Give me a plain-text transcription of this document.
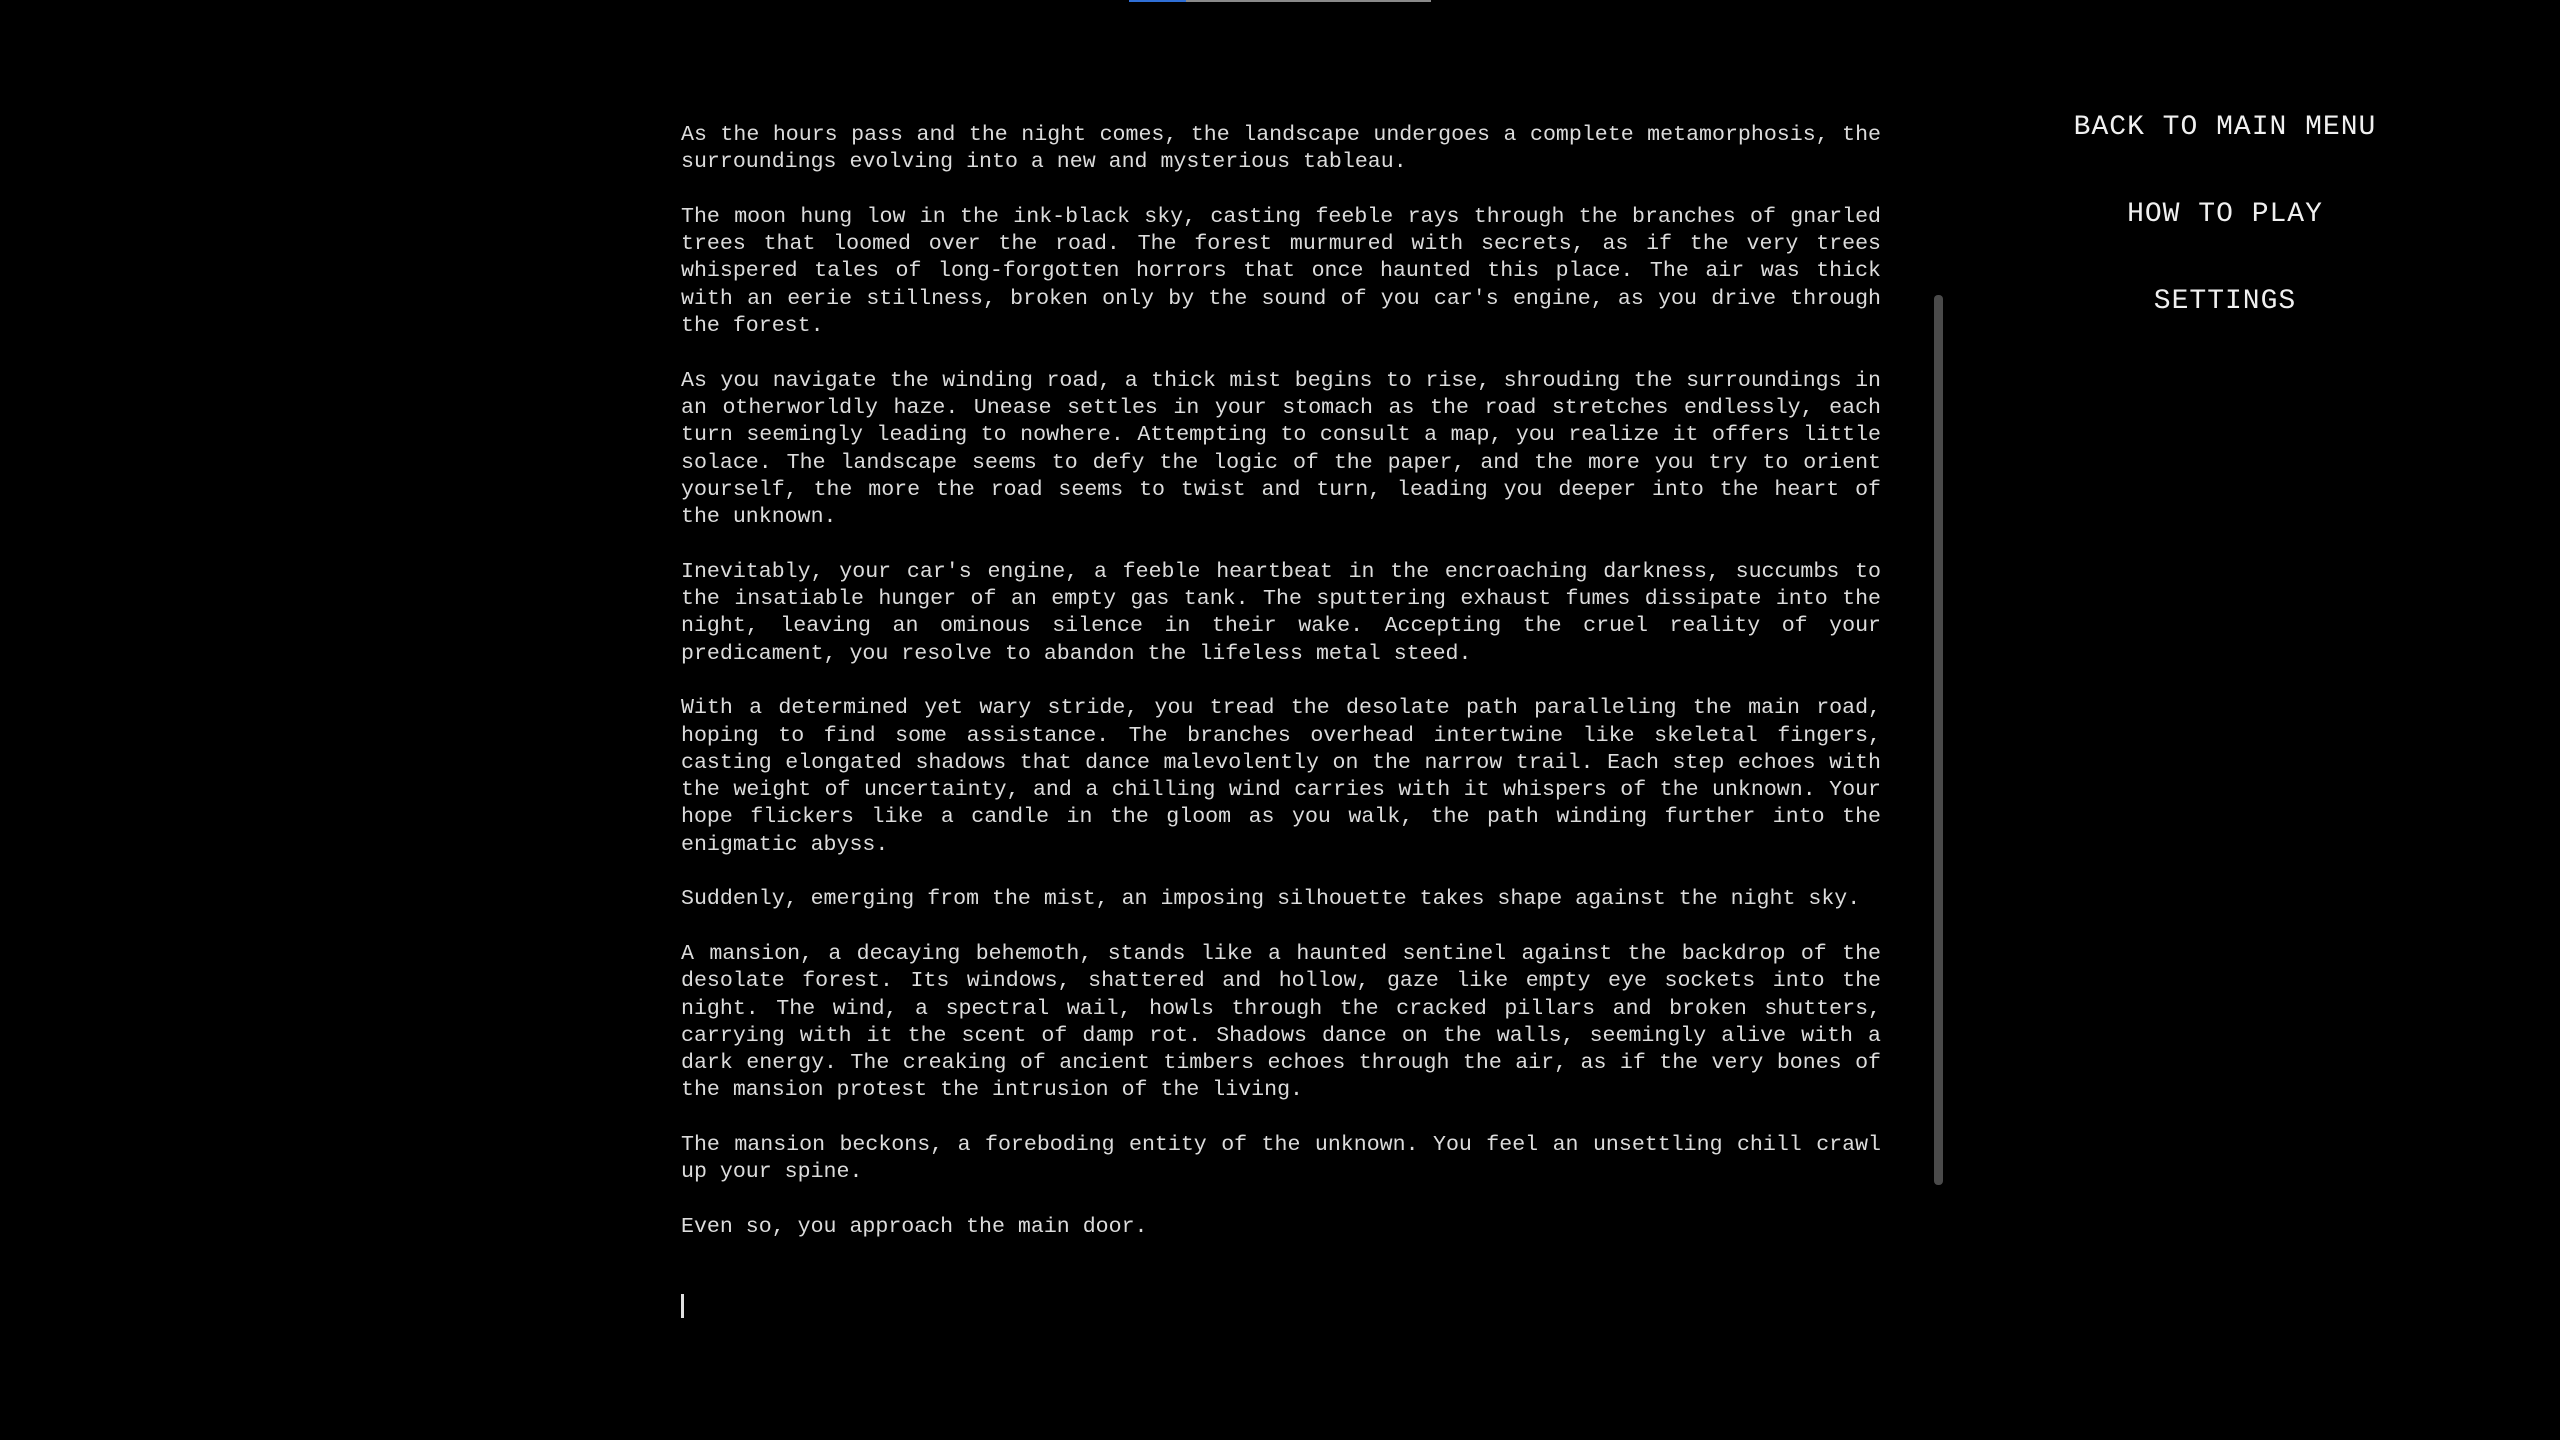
As the hours pass and the night comes, the landscape undergoes a complete metamorphosis, the surroundings evolving into a new and mysterious tableau.

The moon hung low in the ink-black sky, casting feeble rays through the branches of gnarled trees that loomed over the road. The forest murmured with secrets, as if the very trees whispered tales of long-forgotten horrors that once haunted this place. The air was thick with an eerie stillness, broken only by the sound of you car's engine, as you drive through the forest.

As you navigate the winding road, a thick mist begins to rise, shrouding the surroundings in an otherworldly haze. Unease settles in your stomach as the road stretches endlessly, each turn seemingly leading to nowhere. Attempting to consult a map, you realize it offers little solace. The landscape seems to defy the logic of the paper, and the more you try to orient yourself, the more the road seems to twist and turn, leading you deeper into the heart of the unknown.

Inevitably, your car's engine, a feeble heartbeat in the encroaching darkness, succumbs to the insatiable hunger of an empty gas tank. The sputtering exhaust fumes dissipate into the night, leaving an ominous silence in their wake. Accepting the cruel reality of your predicament, you resolve to abandon the lifeless metal steed.

With a determined yet wary stride, you tread the desolate path paralleling the main road, hoping to find some assistance. The branches overhead intertwine like skeletal fingers, casting elongated shadows that dance malevolently on the narrow trail. Each step echoes with the weight of uncertainty, and a chilling wind carries with it whispers of the unknown. Your hope flickers like a candle in the gloom as you walk, the path winding further into the enigmatic abyss.

Suddenly, emerging from the mist, an imposing silhouette takes shape against the night sky.

A mansion, a decaying behemoth, stands like a haunted sentinel against the backdrop of the desolate forest. Its windows, shattered and hollow, gaze like empty eye sockets into the night. The wind, a spectral wail, howls through the cracked pillars and broken shutters, carrying with it the scent of damp rot. Shadows dance on the walls, seemingly alive with a dark energy. The creaking of ancient timbers echoes through the air, as if the very bones of the mansion protest the intrusion of the living.

The mansion beckons, a foreboding entity of the unknown. You feel an unsettling chill crawl up your spine.

Even so, you approach the main door.

BACK TO MAIN MENU
HOW TO PLAY
SETTINGS
